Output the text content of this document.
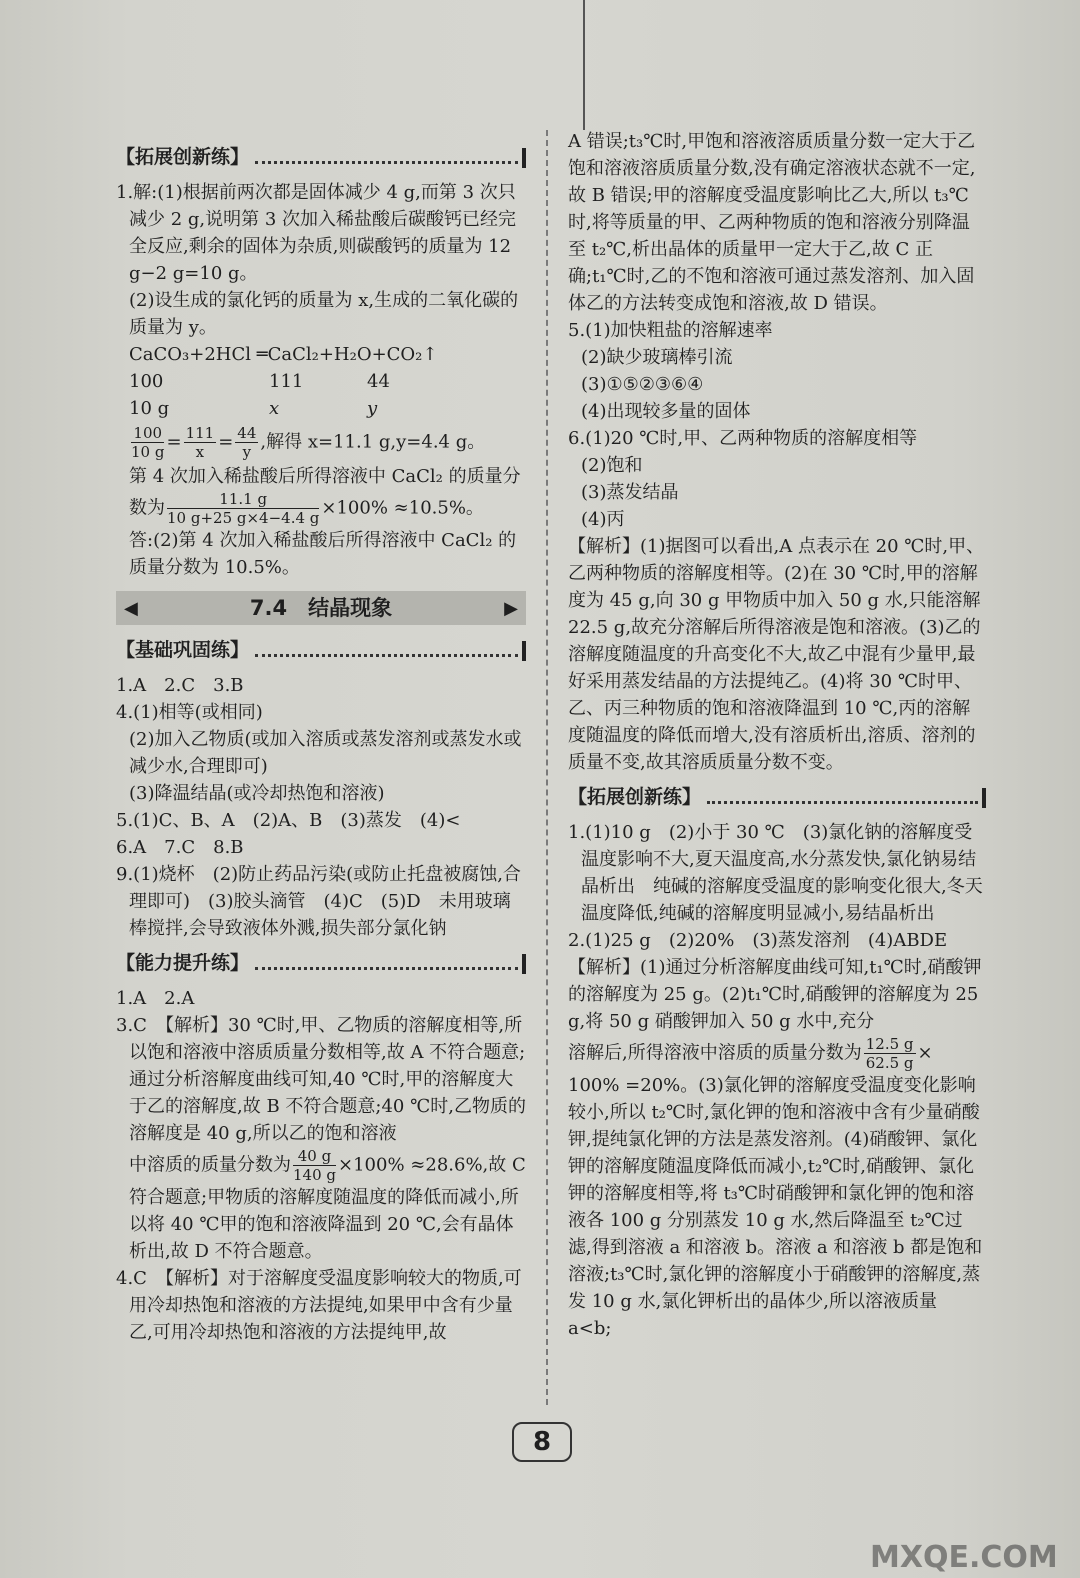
【拓展创新练】

1.解:(1)根据前两次都是固体减少 4 g,而第 3 次只减少 2 g,说明第 3 次加入稀盐酸后碳酸钙已经完全反应,剩余的固体为杂质,则碳酸钙的质量为 12 g−2 g=10 g。

(2)设生成的氯化钙的质量为 x,生成的二氧化碳的质量为 y。

CaCO₃+2HCl ═CaCl₂+H₂O+CO₂↑

100	111	44
10 g	x	y
$\frac{100}{10 g} = \frac{111}{x} = \frac{44}{y}$ ,解得 x=11.1 g,y=4.4 g。

第 4 次加入稀盐酸后所得溶液中 CaCl₂ 的质量分

数为 $\frac{11.1 g}{10 g+25 g\times 4-4.4 g} \times 100\% \approx 10.5\%$。

答:(2)第 4 次加入稀盐酸后所得溶液中 CaCl₂ 的质量分数为 10.5%。

◀	7.4　结晶现象	▶
【基础巩固练】

1.A　2.C　3.B

4.(1)相等(或相同)

(2)加入乙物质(或加入溶质或蒸发溶剂或蒸发水或减少水,合理即可)

(3)降温结晶(或冷却热饱和溶液)

5.(1)C、B、A　(2)A、B　(3)蒸发　(4)<

6.A　7.C　8.B

9.(1)烧杯　(2)防止药品污染(或防止托盘被腐蚀,合理即可)　(3)胶头滴管　(4)C　(5)D　未用玻璃棒搅拌,会导致液体外溅,损失部分氯化钠

【能力提升练】

1.A　2.A

3.C　【解析】30 ℃时,甲、乙物质的溶解度相等,所以饱和溶液中溶质质量分数相等,故 A 不符合题意;通过分析溶解度曲线可知,40 ℃时,甲的溶解度大于乙的溶解度,故 B 不符合题意;40 ℃时,乙物质的溶解度是 40 g,所以乙的饱和溶液

中溶质的质量分数为 $\frac{40 g}{140 g} \times 100\% \approx 28.6\%$,故 C

符合题意;甲物质的溶解度随温度的降低而减小,所以将 40 ℃甲的饱和溶液降温到 20 ℃,会有晶体析出,故 D 不符合题意。

4.C　【解析】对于溶解度受温度影响较大的物质,可用冷却热饱和溶液的方法提纯,如果甲中含有少量乙,可用冷却热饱和溶液的方法提纯甲,故

A 错误;t₃℃时,甲饱和溶液溶质质量分数一定大于乙饱和溶液溶质质量分数,没有确定溶液状态就不一定,故 B 错误;甲的溶解度受温度影响比乙大,所以 t₃℃时,将等质量的甲、乙两种物质的饱和溶液分别降温至 t₂℃,析出晶体的质量甲一定大于乙,故 C 正确;t₁℃时,乙的不饱和溶液可通过蒸发溶剂、加入固体乙的方法转变成饱和溶液,故 D 错误。

5.(1)加快粗盐的溶解速率

(2)缺少玻璃棒引流

(3)①⑤②③⑥④

(4)出现较多量的固体

6.(1)20 ℃时,甲、乙两种物质的溶解度相等

(2)饱和

(3)蒸发结晶

(4)丙

【解析】(1)据图可以看出,A 点表示在 20 ℃时,甲、乙两种物质的溶解度相等。(2)在 30 ℃时,甲的溶解度为 45 g,向 30 g 甲物质中加入 50 g 水,只能溶解 22.5 g,故充分溶解后所得溶液是饱和溶液。(3)乙的溶解度随温度的升高变化不大,故乙中混有少量甲,最好采用蒸发结晶的方法提纯乙。(4)将 30 ℃时甲、乙、丙三种物质的饱和溶液降温到 10 ℃,丙的溶解度随温度的降低而增大,没有溶质析出,溶质、溶剂的质量不变,故其溶质质量分数不变。

【拓展创新练】

1.(1)10 g　(2)小于 30 ℃　(3)氯化钠的溶解度受温度影响不大,夏天温度高,水分蒸发快,氯化钠易结晶析出　纯碱的溶解度受温度的影响变化很大,冬天温度降低,纯碱的溶解度明显减小,易结晶析出

2.(1)25 g　(2)20%　(3)蒸发溶剂　(4)ABDE

【解析】(1)通过分析溶解度曲线可知,t₁℃时,硝酸钾的溶解度为 25 g。(2)t₁℃时,硝酸钾的溶解度为 25 g,将 50 g 硝酸钾加入 50 g 水中,充分

溶解后,所得溶液中溶质的质量分数为 $\frac{12.5 g}{62.5 g}$ ×

100% =20%。(3)氯化钾的溶解度受温度变化影响较小,所以 t₂℃时,氯化钾的饱和溶液中含有少量硝酸钾,提纯氯化钾的方法是蒸发溶剂。(4)硝酸钾、氯化钾的溶解度随温度降低而减小,t₂℃时,硝酸钾、氯化钾的溶解度相等,将 t₃℃时硝酸钾和氯化钾的饱和溶液各 100 g 分别蒸发 10 g 水,然后降温至 t₂℃过滤,得到溶液 a 和溶液 b。溶液 a 和溶液 b 都是饱和溶液;t₃℃时,氯化钾的溶解度小于硝酸钾的溶解度,蒸发 10 g 水,氯化钾析出的晶体少,所以溶液质量 a<b;

8
MXQE.COM
